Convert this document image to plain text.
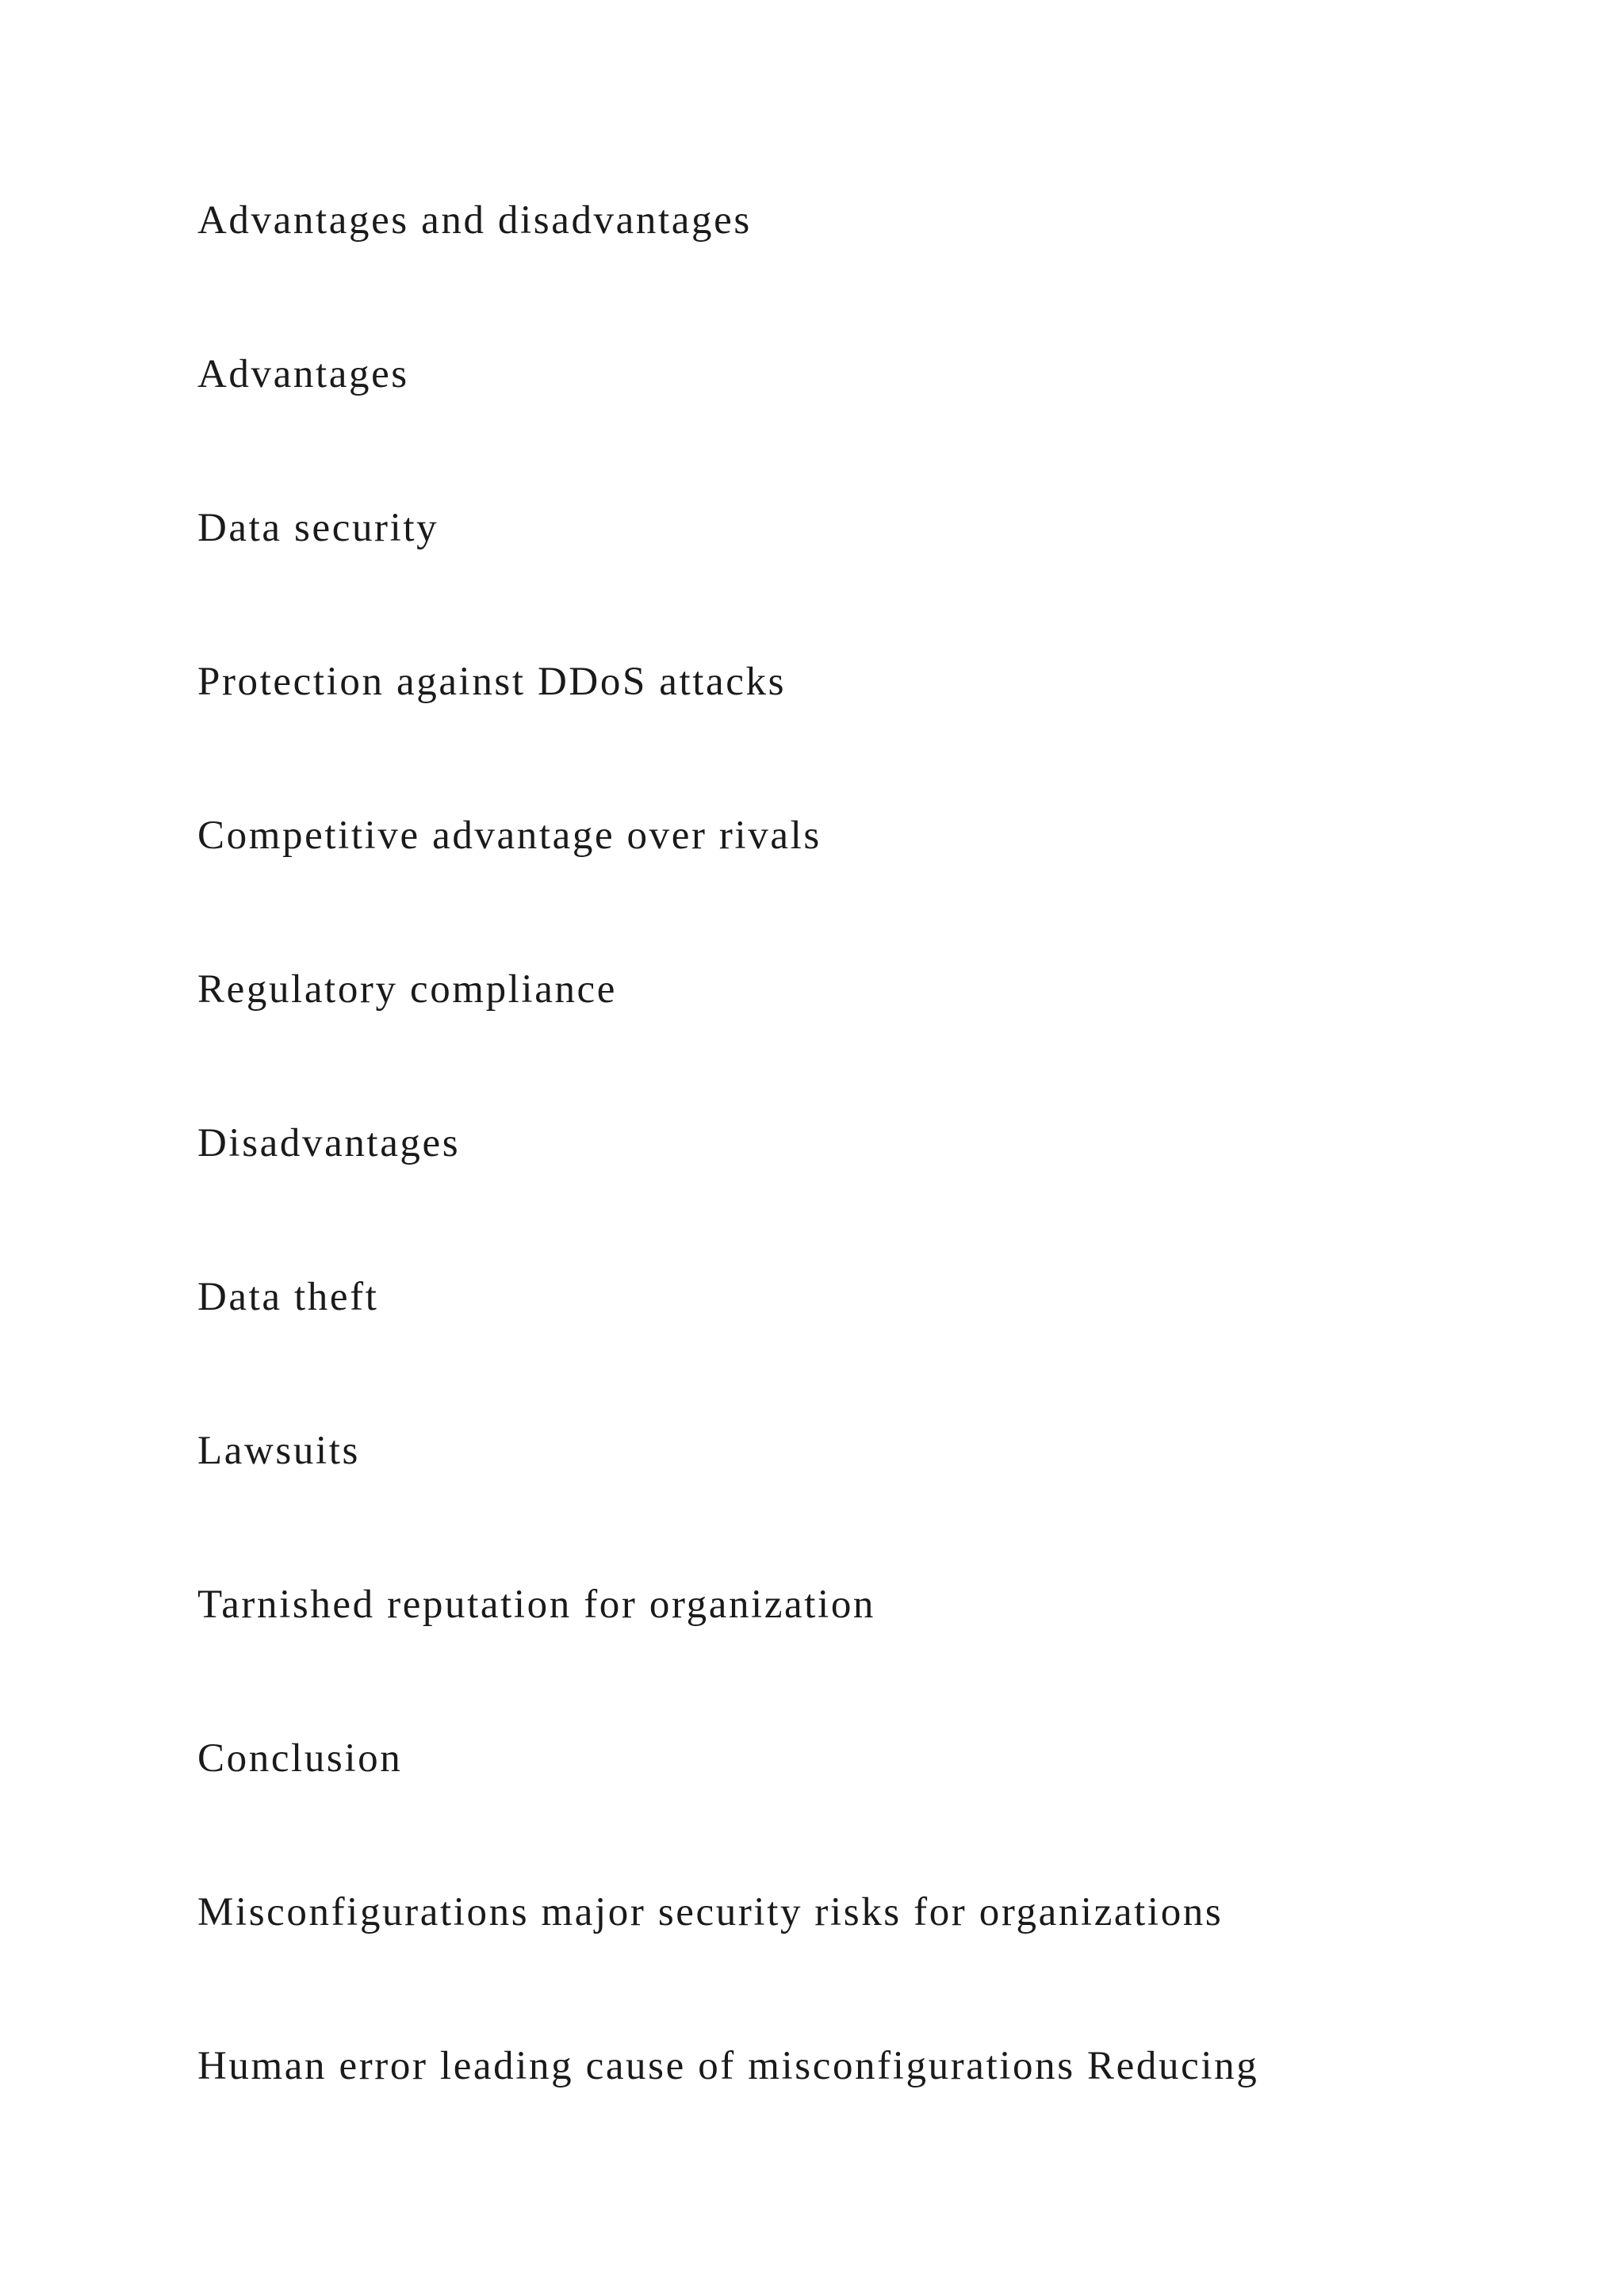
Advantages and disadvantages

Advantages

Data security

Protection against DDoS attacks

Competitive advantage over rivals

Regulatory compliance

Disadvantages

Data theft

Lawsuits

Tarnished reputation for organization

Conclusion

Misconfigurations major security risks for organizations

Human error leading cause of misconfigurations Reducing
